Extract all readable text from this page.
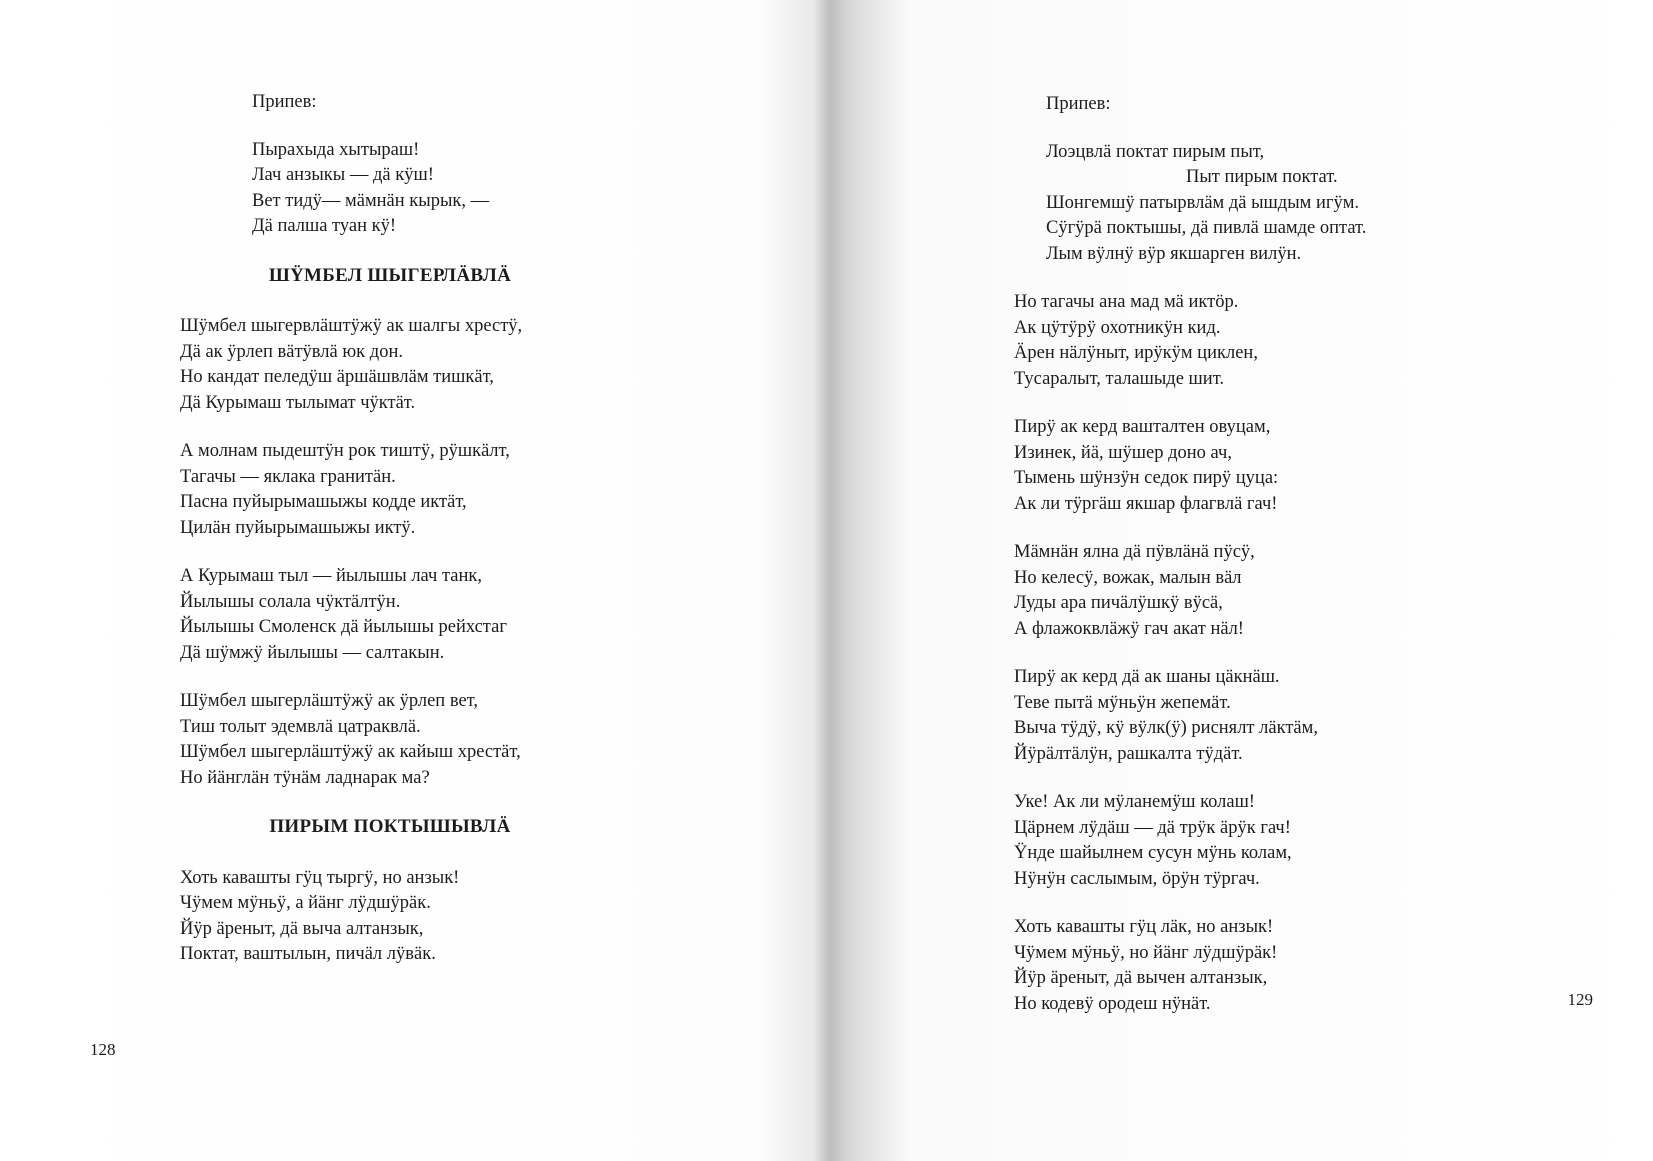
Припев:
Пырахыда хытыраш!
Лач анзыкы — дä кÿш!
Вет тидÿ— мäмнäн кырык, —
Дä палша туан кÿ!
ШŸМБЕЛ ШЫГЕРЛÄВЛÄ
Шÿмбел шыгервлäштÿжÿ ак шалгы хрестÿ,
Дä ак ÿрлеп вäтÿвлä юк дон.
Но кандат пеледÿш äршäшвлäм тишкäт,
Дä Курымаш тылымат чÿктäт.
А молнам пыдештÿн рок тиштÿ, рÿшкäлт,
Тагачы — яклака гранитäн.
Пасна пуйырымашыжы кодде иктäт,
Цилäн пуйырымашыжы иктÿ.
А Курымаш тыл — йылышы лач танк,
Йылышы солала чÿктäлтÿн.
Йылышы Смоленск дä йылышы рейхстаг
Дä шÿмжÿ йылышы — салтакын.
Шÿмбел шыгерлäштÿжÿ ак ÿрлеп вет,
Тиш толыт эдемвлä цатраквлä.
Шÿмбел шыгерлäштÿжÿ ак кайыш хрестäт,
Но йäнглäн тÿнäм ладнарак ма?
ПИРЫМ ПОКТЫШЫВЛÄ
Хоть кавашты гÿц тыргÿ, но анзык!
Чÿмем мÿньÿ, а йäнг лÿдшÿрäк.
Йÿр äреныт, дä выча алтанзык,
Поктат, ваштылын, пичäл лÿвäк.
128
Припев:
Лоэцвлä поктат пирым пыт,
Пыт пирым поктат.
Шонгемшÿ патырвлäм дä ышдым игÿм.
Сÿгÿрä поктышы, дä пивлä шамде оптат.
Лым вÿлнÿ вÿр якшарген вилÿн.
Но тагачы ана мад мä иктöр.
Ак цÿтÿрÿ охотникÿн кид.
Äрен нäлÿныт, ирÿкÿм циклен,
Тусаралыт, талашыде шит.
Пирÿ ак керд ваштaлтен овуцам,
Изинек, йä, шÿшер доно ач,
Тымень шÿнзÿн седок пирÿ цуца:
Ак ли тÿргäш якшар флагвлä гач!
Мäмнäн ялна дä пÿвлäнä пÿсÿ,
Но келесÿ, вожак, малын вäл
Луды ара пичäлÿшкÿ вÿсä,
А флажоквлäжÿ гач акат нäл!
Пирÿ ак керд дä ак шаны цäкнäш.
Теве пытä мÿньÿн жепемäт.
Выча тÿдÿ, кÿ вÿлк(ÿ) риснялт лäктäм,
Йÿрäлтäлÿн, рашкалта тÿдäт.
Уке! Ак ли мÿланемÿш колаш!
Цäрнем лÿдäш — дä трÿк äрÿк гач!
Ÿнде шайылнем сусун мÿнь колам,
Нÿнÿн саслымым, öрÿн тÿргач.
Хоть кавашты гÿц лäк, но анзык!
Чÿмем мÿньÿ, но йäнг лÿдшÿрäк!
Йÿр äреныт, дä вычен алтанзык,
Но кодевÿ ородеш нÿнäт.	129
